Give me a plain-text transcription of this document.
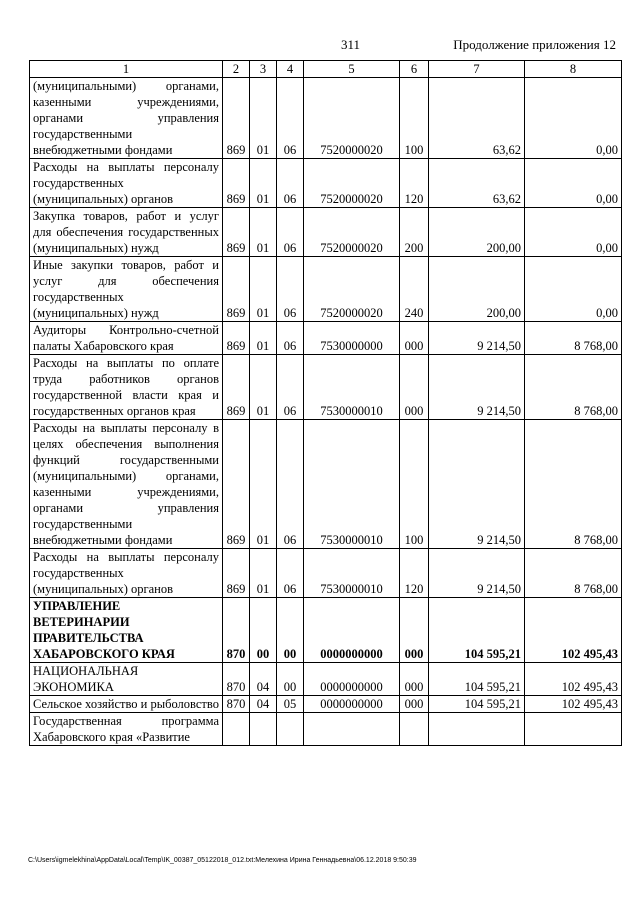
311	Продолжение приложения 12
1	2	3	4	5	6	7	8
(муниципальными) органами, казенными учреждениями, органами управления государственными внебюджетными фондами	869	01	06	7520000020	100	63,62	0,00
Расходы на выплаты персоналу государственных (муниципальных) органов	869	01	06	7520000020	120	63,62	0,00
Закупка товаров, работ и услуг для обеспечения государственных (муниципальных) нужд	869	01	06	7520000020	200	200,00	0,00
Иные закупки товаров, работ и услуг для обеспечения государственных (муниципальных) нужд	869	01	06	7520000020	240	200,00	0,00
Аудиторы Контрольно-счетной палаты Хабаровского края	869	01	06	7530000000	000	9 214,50	8 768,00
Расходы на выплаты по оплате труда работников органов государственной власти края и государственных органов края	869	01	06	7530000010	000	9 214,50	8 768,00
Расходы на выплаты персоналу в целях обеспечения выполнения функций государственными (муниципальными) органами, казенными учреждениями, органами управления государственными внебюджетными фондами	869	01	06	7530000010	100	9 214,50	8 768,00
Расходы на выплаты персоналу государственных (муниципальных) органов	869	01	06	7530000010	120	9 214,50	8 768,00
УПРАВЛЕНИЕ ВЕТЕРИНАРИИ ПРАВИТЕЛЬСТВА ХАБАРОВСКОГО КРАЯ	870	00	00	0000000000	000	104 595,21	102 495,43
НАЦИОНАЛЬНАЯ ЭКОНОМИКА	870	04	00	0000000000	000	104 595,21	102 495,43
Сельское хозяйство и рыболовство	870	04	05	0000000000	000	104 595,21	102 495,43
Государственная программа Хабаровского края «Развитие							
C:\Users\igmelekhina\AppData\Local\Temp\IK_00387_05122018_012.txt:Мелехина Ирина Геннадьевна\06.12.2018 9:50:39
